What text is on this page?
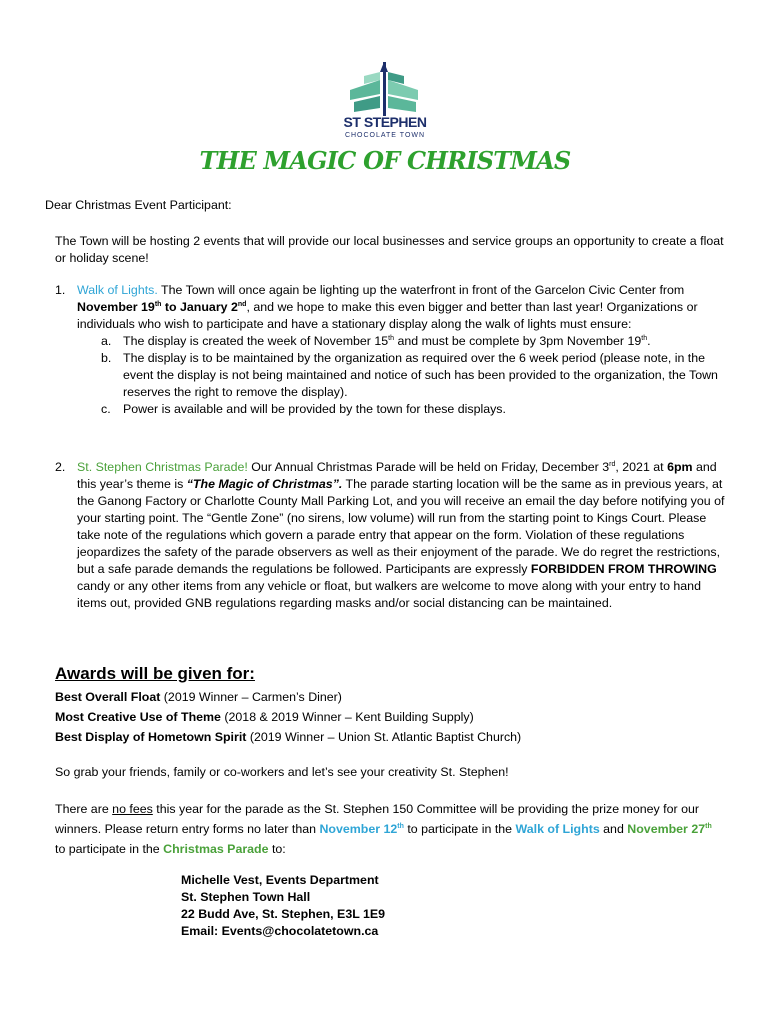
ST STEPHEN
CHOCOLATE TOWN
THE MAGIC OF CHRISTMAS
Dear Christmas Event Participant:
The Town will be hosting 2 events that will provide our local businesses and service groups an opportunity to create a float or holiday scene!
1. Walk of Lights. The Town will once again be lighting up the waterfront in front of the Garcelon Civic Center from November 19th to January 2nd, and we hope to make this even bigger and better than last year! Organizations or individuals who wish to participate and have a stationary display along the walk of lights must ensure:
a. The display is created the week of November 15th and must be complete by 3pm November 19th.
b. The display is to be maintained by the organization as required over the 6 week period (please note, in the event the display is not being maintained and notice of such has been provided to the organization, the Town reserves the right to remove the display).
c. Power is available and will be provided by the town for these displays.
2. St. Stephen Christmas Parade! Our Annual Christmas Parade will be held on Friday, December 3rd, 2021 at 6pm and this year’s theme is “The Magic of Christmas”. The parade starting location will be the same as in previous years, at the Ganong Factory or Charlotte County Mall Parking Lot, and you will receive an email the day before notifying you of your starting point. The “Gentle Zone” (no sirens, low volume) will run from the starting point to Kings Court. Please take note of the regulations which govern a parade entry that appear on the form. Violation of these regulations jeopardizes the safety of the parade observers as well as their enjoyment of the parade. We do regret the restrictions, but a safe parade demands the regulations be followed. Participants are expressly FORBIDDEN FROM THROWING candy or any other items from any vehicle or float, but walkers are welcome to move along with your entry to hand items out, provided GNB regulations regarding masks and/or social distancing can be maintained.
Awards will be given for:
Best Overall Float (2019 Winner – Carmen’s Diner)
Most Creative Use of Theme (2018 & 2019 Winner – Kent Building Supply)
Best Display of Hometown Spirit (2019 Winner – Union St. Atlantic Baptist Church)
So grab your friends, family or co-workers and let’s see your creativity St. Stephen!
There are no fees this year for the parade as the St. Stephen 150 Committee will be providing the prize money for our winners. Please return entry forms no later than November 12th to participate in the Walk of Lights and November 27th to participate in the Christmas Parade to:
Michelle Vest, Events Department
St. Stephen Town Hall
22 Budd Ave, St. Stephen, E3L 1E9
Email: Events@chocolatetown.ca
